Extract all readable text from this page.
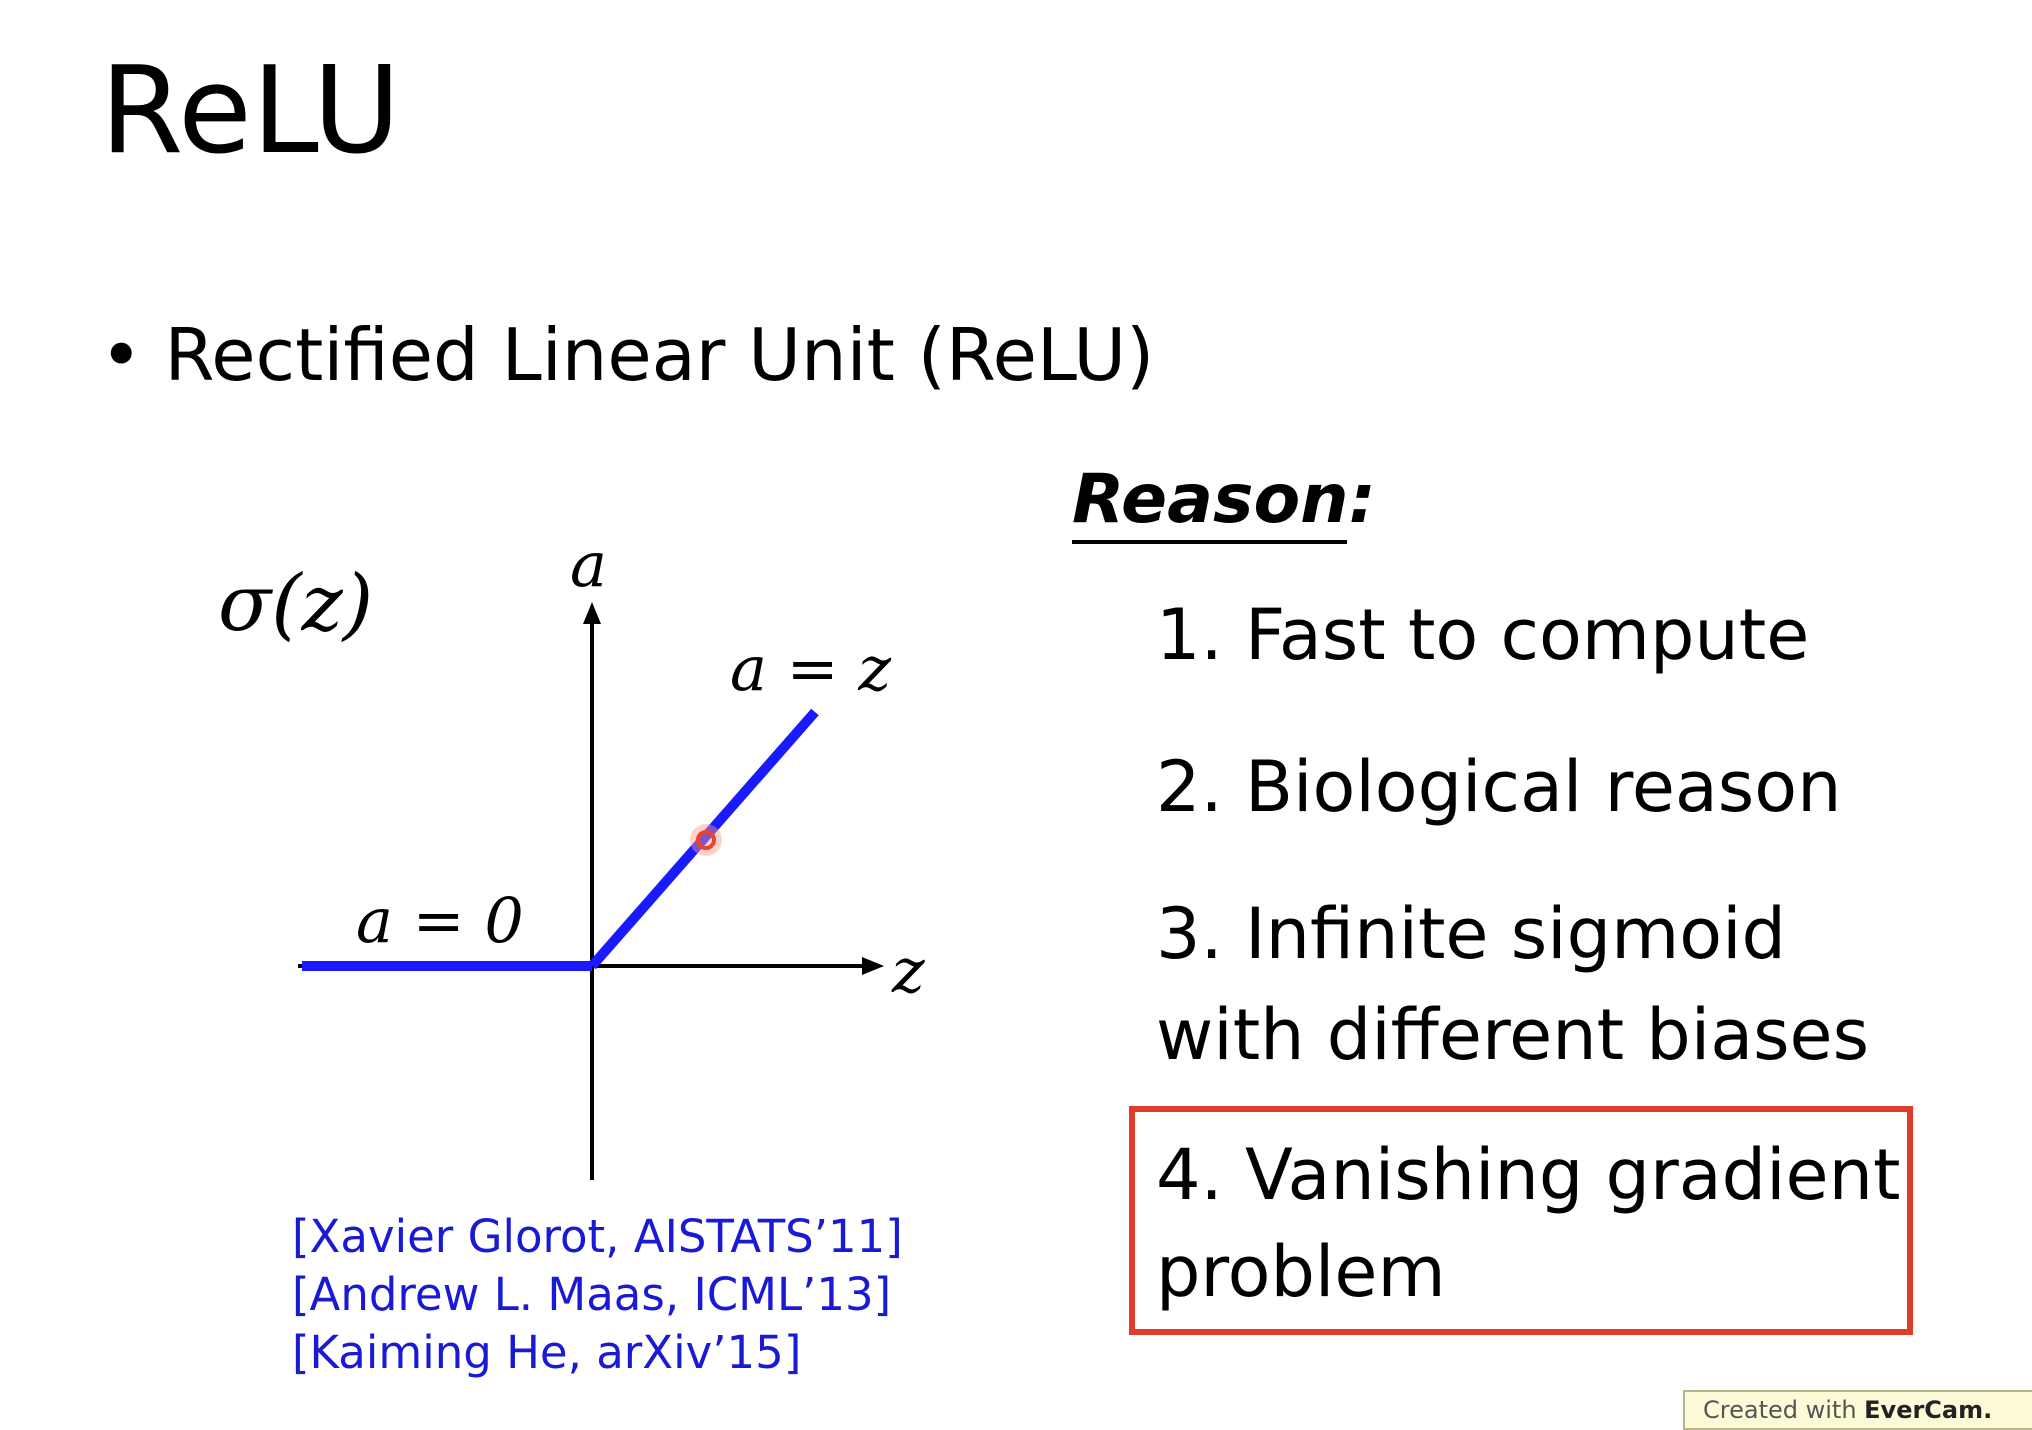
ReLU
• Rectified Linear Unit (ReLU)
σ(z)	a
z
a = z
a = 0
[Xavier Glorot, AISTATS’11]
[Andrew L. Maas, ICML’13]
[Kaiming He, arXiv’15]
Reason:
1. Fast to compute
2. Biological reason
3. Infinite sigmoid
with different biases
4. Vanishing gradient
problem
Created with EverCam.
